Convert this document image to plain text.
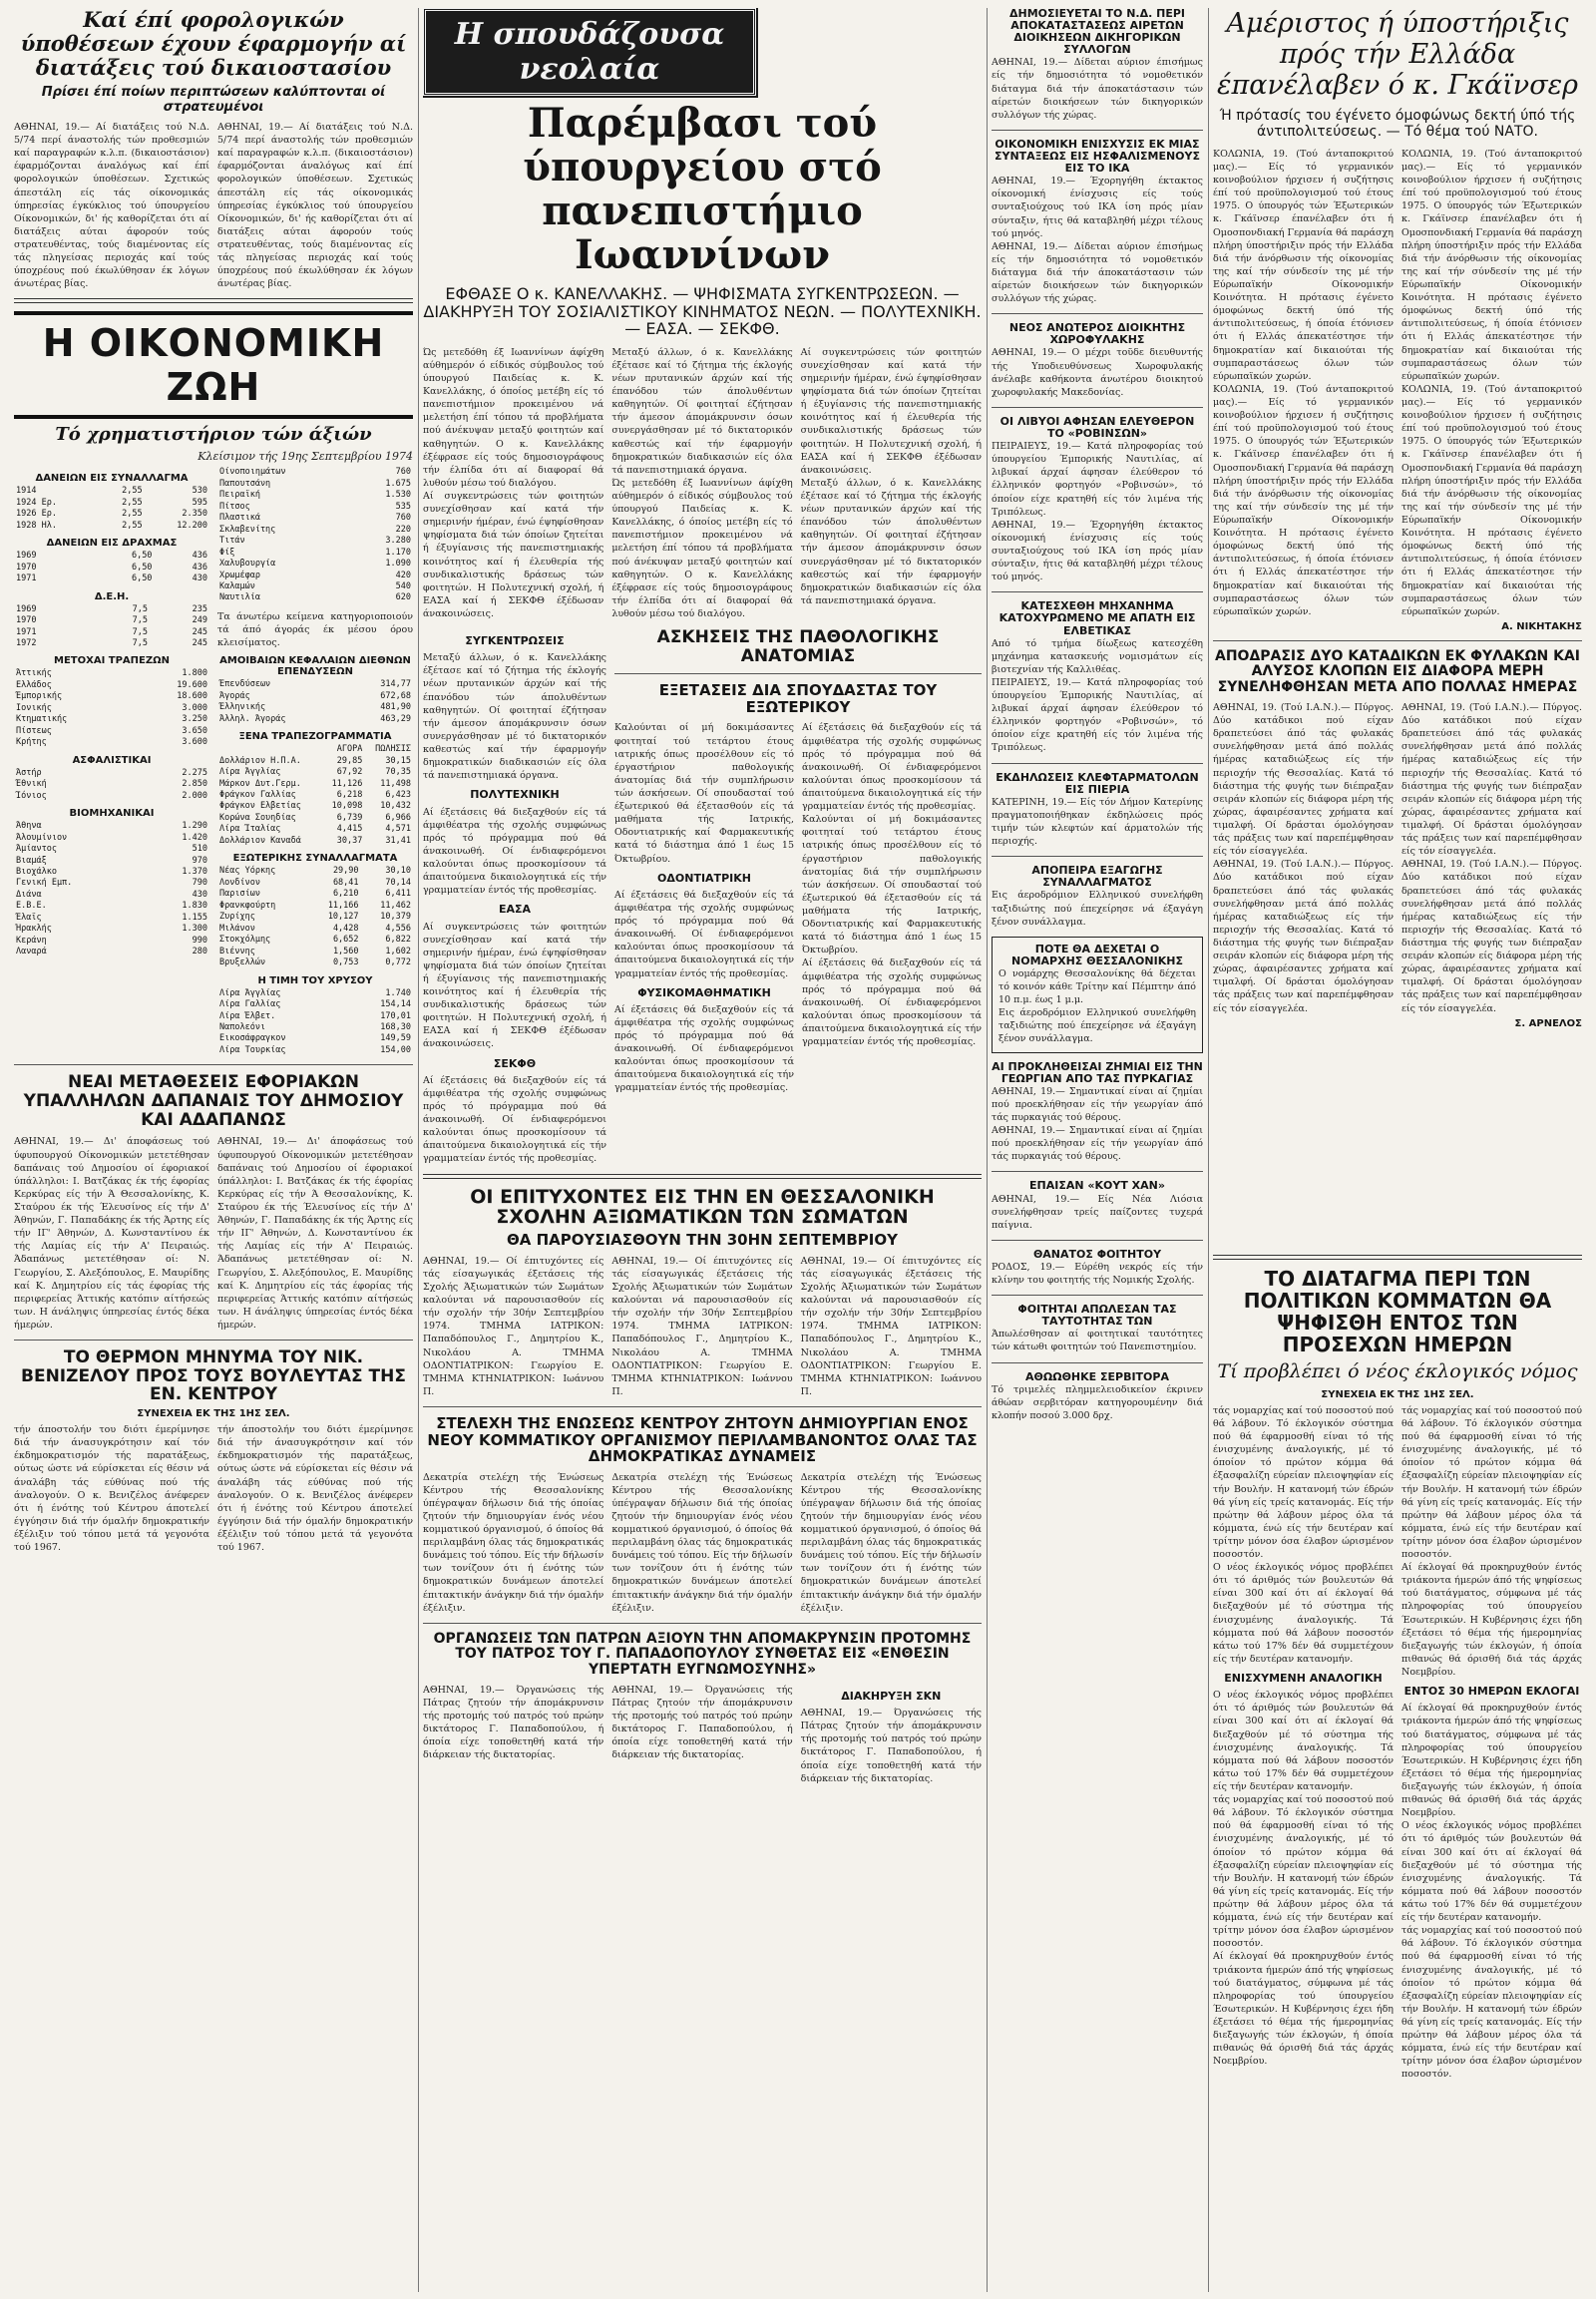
Καί έπί φορολογικών ύποθέσεων έχουν έφαρμογήν αί διατάξεις τού δικαιοστασίου

Πρίσει έπί ποίων περιπτώσεων καλύπτονται οί στρατευμένοι

ΑΘΗΝΑΙ, 19.— Αί διατάξεις τού Ν.Δ. 5/74 περί άναστολής τών προθεσμιών καί παραγραφών κ.λ.π. (δικαιοστάσιον) έφαρμόζονται άναλόγως καί έπί φορολογικών ύποθέσεων. Σχετικώς άπεστάλη είς τάς οίκονομικάς ύπηρεσίας έγκύκλιος τού ύπουργείου Οίκονομικών, δι' ής καθορίζεται ότι αί διατάξεις αύται άφορούν τούς στρατευθέντας, τούς διαμένοντας είς τάς πληγείσας περιοχάς καί τούς ύποχρέους πού έκωλύθησαν έκ λόγων άνωτέρας βίας.

ΑΘΗΝΑΙ, 19.— Αί διατάξεις τού Ν.Δ. 5/74 περί άναστολής τών προθεσμιών καί παραγραφών κ.λ.π. (δικαιοστάσιον) έφαρμόζονται άναλόγως καί έπί φορολογικών ύποθέσεων. Σχετικώς άπεστάλη είς τάς οίκονομικάς ύπηρεσίας έγκύκλιος τού ύπουργείου Οίκονομικών, δι' ής καθορίζεται ότι αί διατάξεις αύται άφορούν τούς στρατευθέντας, τούς διαμένοντας είς τάς πληγείσας περιοχάς καί τούς ύποχρέους πού έκωλύθησαν έκ λόγων άνωτέρας βίας.

Η ΟΙΚΟΝΟΜΙΚΗ ΖΩΗ

Τό χρηματιστήριον τών άξιών

Κλείσιμον τής 19ης Σεπτεμβρίου 1974

ΔΑΝΕΙΩΝ ΕΙΣ ΣΥΝΑΛΛΑΓΜΑ
1914	2,55	530
1924 Ερ.	2,55	595
1926 Ερ.	2,55	2.350
1928 Ηλ.	2,55	12.200
ΔΑΝΕΙΩΝ ΕΙΣ ΔΡΑΧΜΑΣ
1969	6,50	436
1970	6,50	436
1971	6,50	430
Δ.Ε.Η.
1969	7,5	235
1970	7,5	249
1971	7,5	245
1972	7,5	245
ΜΕΤΟΧΑΙ ΤΡΑΠΕΖΩΝ
Άττικής	1.800
Ελλάδος	19.600
Έμπορικής	18.600
Ιονικής	3.000
Κτηματικής	3.250
Πίστεως	3.650
Κρήτης	3.600
ΑΣΦΑΛΙΣΤΙΚΑΙ
Άστήρ	2.275
Έθνική	2.850
Ίόνιος	2.000
ΒΙΟΜΗΧΑΝΙΚΑΙ
Άθηνα	1.290
Άλουμίνιον	1.420
Άμίαντος	510
Βιαμάξ	970
Βιοχάλκο	1.370
Γενική Εμπ.	790
Διάνα	430
Ε.Β.Ε.	1.830
Έλαϊς	1.155
Ήρακλής	1.300
Κεράνη	990
Λαναρά	280
Οίνοποιημάτων	760
Παπουτσάνη	1.675
Πειραϊκή	1.530
Πίτσος	535
Πλαστικά	760
Σκλαβενίτης	220
Τιτάν	3.280
Φίξ	1.170
Χαλυβουργία	1.090
Χρωμέφαρ	420
Καλαμών	540
Ναυτιλία	620

Τα άνωτέρω κείμενα κατηγοριοποιούν τά άπό άγοράς έκ μέσου όρου κλεισίματος.

ΑΜΟΙΒΑΙΩΝ ΚΕΦΑΛΑΙΩΝ ΔΙΕΘΝΩΝ ΕΠΕΝΔΥΣΕΩΝ
Έπενδύσεων	314,77
Άγοράς	672,68
Έλληνικής	481,90
Άλληλ. Άγοράς	463,29
ΞΕΝΑ ΤΡΑΠΕΖΟΓΡΑΜΜΑΤΙΑ
	ΑΓΟΡΑ	ΠΩΛΗΣΙΣ
Δολλάριον Η.Π.Α.	29,85	30,15
Λίρα Άγγλίας	67,92	70,35
Μάρκον Δυτ.Γερμ.	11,126	11,498
Φράγκον Γαλλίας	6,218	6,423
Φράγκον Ελβετίας	10,098	10,432
Κορώνα Σουηδίας	6,739	6,966
Λίρα Ίταλίας	4,415	4,571
Δολλάριον Καναδά	30,37	31,41
ΕΞΩΤΕΡΙΚΗΣ ΣΥΝΑΛΛΑΓΜΑΤΑ
Νέας Υόρκης	29,90	30,10
Λονδίνον	68,41	70,14
Παρισίων	6,210	6,411
Φρανκφούρτη	11,166	11,462
Ζυρίχης	10,127	10,379
Μιλάνον	4,428	4,556
Στοκχόλμης	6,652	6,822
Βιέννης	1,560	1,602
Βρυξελλών	0,753	0,772
Η ΤΙΜΗ ΤΟΥ ΧΡΥΣΟΥ
Λίρα Άγγλίας	1.740
Λίρα Γαλλίας	154,14
Λίρα Έλβετ.	170,01
Ναπολεόνι	168,30
Εικοσάφραγκον	149,59
Λίρα Τουρκίας	154,00

ΝΕΑΙ ΜΕΤΑΘΕΣΕΙΣ ΕΦΟΡΙΑΚΩΝ ΥΠΑΛΛΗΛΩΝ ΔΑΠΑΝΑΙΣ ΤΟΥ ΔΗΜΟΣΙΟΥ ΚΑΙ ΑΔΑΠΑΝΩΣ

ΑΘΗΝΑΙ, 19.— Δι' άποφάσεως τού ύφυπουργού Οίκονομικών μετετέθησαν δαπάναις τού Δημοσίου οί έφοριακοί ύπάλληλοι: Ι. Βατζάκας έκ τής έφορίας Κερκύρας είς τήν Ά Θεσσαλονίκης, Κ. Σταύρου έκ τής Έλευσίνος είς τήν Δ' Άθηνών, Γ. Παπαδάκης έκ τής Άρτης είς τήν ΙΓ' Άθηνών, Δ. Κωνσταντίνου έκ τής Λαμίας είς τήν Α' Πειραιώς. Άδαπάνως μετετέθησαν οί: Ν. Γεωργίου, Σ. Αλεξόπουλος, Ε. Μαυρίδης καί Κ. Δημητρίου είς τάς έφορίας τής περιφερείας Άττικής κατόπιν αίτήσεώς των. Η άνάληψις ύπηρεσίας έντός δέκα ήμερών.

ΑΘΗΝΑΙ, 19.— Δι' άποφάσεως τού ύφυπουργού Οίκονομικών μετετέθησαν δαπάναις τού Δημοσίου οί έφοριακοί ύπάλληλοι: Ι. Βατζάκας έκ τής έφορίας Κερκύρας είς τήν Ά Θεσσαλονίκης, Κ. Σταύρου έκ τής Έλευσίνος είς τήν Δ' Άθηνών, Γ. Παπαδάκης έκ τής Άρτης είς τήν ΙΓ' Άθηνών, Δ. Κωνσταντίνου έκ τής Λαμίας είς τήν Α' Πειραιώς. Άδαπάνως μετετέθησαν οί: Ν. Γεωργίου, Σ. Αλεξόπουλος, Ε. Μαυρίδης καί Κ. Δημητρίου είς τάς έφορίας τής περιφερείας Άττικής κατόπιν αίτήσεώς των. Η άνάληψις ύπηρεσίας έντός δέκα ήμερών.

ΤΟ ΘΕΡΜΟΝ ΜΗΝΥΜΑ ΤΟΥ ΝΙΚ. ΒΕΝΙΖΕΛΟΥ ΠΡΟΣ ΤΟΥΣ ΒΟΥΛΕΥΤΑΣ ΤΗΣ ΕΝ. ΚΕΝΤΡΟΥ

ΣΥΝΕΧΕΙΑ ΕΚ ΤΗΣ 1ΗΣ ΣΕΛ.

τήν άποστολήν του διότι έμερίμνησε διά τήν άνασυγκρότησιν καί τόν έκδημοκρατισμόν τής παρατάξεως, ούτως ώστε νά εύρίσκεται είς θέσιν νά άναλάβη τάς εύθύνας πού τής άναλογούν. Ο κ. Βενιζέλος άνέφερεν ότι ή ένότης τού Κέντρου άποτελεί έγγύησιν διά τήν όμαλήν δημοκρατικήν έξέλιξιν τού τόπου μετά τά γεγονότα τού 1967.

τήν άποστολήν του διότι έμερίμνησε διά τήν άνασυγκρότησιν καί τόν έκδημοκρατισμόν τής παρατάξεως, ούτως ώστε νά εύρίσκεται είς θέσιν νά άναλάβη τάς εύθύνας πού τής άναλογούν. Ο κ. Βενιζέλος άνέφερεν ότι ή ένότης τού Κέντρου άποτελεί έγγύησιν διά τήν όμαλήν δημοκρατικήν έξέλιξιν τού τόπου μετά τά γεγονότα τού 1967.

Η σπουδάζουσα νεολαία

Παρέμβασι τού ύπουργείου στό πανεπιστήμιο Ιωαννίνων

ΕΦΘΑΣΕ Ο κ. ΚΑΝΕΛΛΑΚΗΣ. — ΨΗΦΙΣΜΑΤΑ ΣΥΓΚΕΝΤΡΩΣΕΩΝ. — ΔΙΑΚΗΡΥΞΗ ΤΟΥ ΣΟΣΙΑΛΙΣΤΙΚΟΥ ΚΙΝΗΜΑΤΟΣ ΝΕΩΝ. — ΠΟΛΥΤΕΧΝΙΚΗ.— ΕΑΣΑ. — ΣΕΚΦΘ.

Ώς μετεδόθη έξ Ιωαννίνων άφίχθη αύθημερόν ό είδικός σύμβουλος τού ύπουργού Παιδείας κ. Κ. Κανελλάκης, ό όποίος μετέβη είς τό πανεπιστήμιον προκειμένου νά μελετήση έπί τόπου τά προβλήματα πού άνέκυψαν μεταξύ φοιτητών καί καθηγητών. Ο κ. Κανελλάκης έξέφρασε είς τούς δημοσιογράφους τήν έλπίδα ότι αί διαφοραί θά λυθούν μέσω τού διαλόγου.

Αί συγκεντρώσεις τών φοιτητών συνεχίσθησαν καί κατά τήν σημερινήν ήμέραν, ένώ έψηφίσθησαν ψηφίσματα διά τών όποίων ζητείται ή έξυγίανσις τής πανεπιστημιακής κοινότητος καί ή έλευθερία τής συνδικαλιστικής δράσεως τών φοιτητών. Η Πολυτεχνική σχολή, ή ΕΑΣΑ καί ή ΣΕΚΦΘ έξέδωσαν άνακοινώσεις.

Μεταξύ άλλων, ό κ. Κανελλάκης έξέτασε καί τό ζήτημα τής έκλογής νέων πρυτανικών άρχών καί τής έπανόδου τών άπολυθέντων καθηγητών. Οί φοιτηταί έζήτησαν τήν άμεσον άπομάκρυνσιν όσων συνεργάσθησαν μέ τό δικτατορικόν καθεστώς καί τήν έφαρμογήν δημοκρατικών διαδικασιών είς όλα τά πανεπιστημιακά όργανα.

Ώς μετεδόθη έξ Ιωαννίνων άφίχθη αύθημερόν ό είδικός σύμβουλος τού ύπουργού Παιδείας κ. Κ. Κανελλάκης, ό όποίος μετέβη είς τό πανεπιστήμιον προκειμένου νά μελετήση έπί τόπου τά προβλήματα πού άνέκυψαν μεταξύ φοιτητών καί καθηγητών. Ο κ. Κανελλάκης έξέφρασε είς τούς δημοσιογράφους τήν έλπίδα ότι αί διαφοραί θά λυθούν μέσω τού διαλόγου.

Αί συγκεντρώσεις τών φοιτητών συνεχίσθησαν καί κατά τήν σημερινήν ήμέραν, ένώ έψηφίσθησαν ψηφίσματα διά τών όποίων ζητείται ή έξυγίανσις τής πανεπιστημιακής κοινότητος καί ή έλευθερία τής συνδικαλιστικής δράσεως τών φοιτητών. Η Πολυτεχνική σχολή, ή ΕΑΣΑ καί ή ΣΕΚΦΘ έξέδωσαν άνακοινώσεις.

Μεταξύ άλλων, ό κ. Κανελλάκης έξέτασε καί τό ζήτημα τής έκλογής νέων πρυτανικών άρχών καί τής έπανόδου τών άπολυθέντων καθηγητών. Οί φοιτηταί έζήτησαν τήν άμεσον άπομάκρυνσιν όσων συνεργάσθησαν μέ τό δικτατορικόν καθεστώς καί τήν έφαρμογήν δημοκρατικών διαδικασιών είς όλα τά πανεπιστημιακά όργανα.

ΣΥΓΚΕΝΤΡΩΣΕΙΣ

Μεταξύ άλλων, ό κ. Κανελλάκης έξέτασε καί τό ζήτημα τής έκλογής νέων πρυτανικών άρχών καί τής έπανόδου τών άπολυθέντων καθηγητών. Οί φοιτηταί έζήτησαν τήν άμεσον άπομάκρυνσιν όσων συνεργάσθησαν μέ τό δικτατορικόν καθεστώς καί τήν έφαρμογήν δημοκρατικών διαδικασιών είς όλα τά πανεπιστημιακά όργανα.

ΠΟΛΥΤΕΧΝΙΚΗ

Αί έξετάσεις θά διεξαχθούν είς τά άμφιθέατρα τής σχολής συμφώνως πρός τό πρόγραμμα πού θά άνακοινωθή. Οί ένδιαφερόμενοι καλούνται όπως προσκομίσουν τά άπαιτούμενα δικαιολογητικά είς τήν γραμματείαν έντός τής προθεσμίας.

ΕΑΣΑ

Αί συγκεντρώσεις τών φοιτητών συνεχίσθησαν καί κατά τήν σημερινήν ήμέραν, ένώ έψηφίσθησαν ψηφίσματα διά τών όποίων ζητείται ή έξυγίανσις τής πανεπιστημιακής κοινότητος καί ή έλευθερία τής συνδικαλιστικής δράσεως τών φοιτητών. Η Πολυτεχνική σχολή, ή ΕΑΣΑ καί ή ΣΕΚΦΘ έξέδωσαν άνακοινώσεις.

ΣΕΚΦΘ

Αί έξετάσεις θά διεξαχθούν είς τά άμφιθέατρα τής σχολής συμφώνως πρός τό πρόγραμμα πού θά άνακοινωθή. Οί ένδιαφερόμενοι καλούνται όπως προσκομίσουν τά άπαιτούμενα δικαιολογητικά είς τήν γραμματείαν έντός τής προθεσμίας.

ΑΣΚΗΣΕΙΣ ΤΗΣ ΠΑΘΟΛΟΓΙΚΗΣ ΑΝΑΤΟΜΙΑΣ

ΕΞΕΤΑΣΕΙΣ ΔΙΑ ΣΠΟΥΔΑΣΤΑΣ ΤΟΥ ΕΞΩΤΕΡΙΚΟΥ

Καλούνται οί μή δοκιμάσαντες φοιτηταί τού τετάρτου έτους ιατρικής όπως προσέλθουν είς τό έργαστήριον παθολογικής άνατομίας διά τήν συμπλήρωσιν τών άσκήσεων. Οί σπουδασταί τού έξωτερικού θά έξετασθούν είς τά μαθήματα τής Ιατρικής, Οδοντιατρικής καί Φαρμακευτικής κατά τό διάστημα άπό 1 έως 15 Όκτωβρίου.

ΟΔΟΝΤΙΑΤΡΙΚΗ

Αί έξετάσεις θά διεξαχθούν είς τά άμφιθέατρα τής σχολής συμφώνως πρός τό πρόγραμμα πού θά άνακοινωθή. Οί ένδιαφερόμενοι καλούνται όπως προσκομίσουν τά άπαιτούμενα δικαιολογητικά είς τήν γραμματείαν έντός τής προθεσμίας.

ΦΥΣΙΚΟΜΑΘΗΜΑΤΙΚΗ

Αί έξετάσεις θά διεξαχθούν είς τά άμφιθέατρα τής σχολής συμφώνως πρός τό πρόγραμμα πού θά άνακοινωθή. Οί ένδιαφερόμενοι καλούνται όπως προσκομίσουν τά άπαιτούμενα δικαιολογητικά είς τήν γραμματείαν έντός τής προθεσμίας.

Αί έξετάσεις θά διεξαχθούν είς τά άμφιθέατρα τής σχολής συμφώνως πρός τό πρόγραμμα πού θά άνακοινωθή. Οί ένδιαφερόμενοι καλούνται όπως προσκομίσουν τά άπαιτούμενα δικαιολογητικά είς τήν γραμματείαν έντός τής προθεσμίας.

Καλούνται οί μή δοκιμάσαντες φοιτηταί τού τετάρτου έτους ιατρικής όπως προσέλθουν είς τό έργαστήριον παθολογικής άνατομίας διά τήν συμπλήρωσιν τών άσκήσεων. Οί σπουδασταί τού έξωτερικού θά έξετασθούν είς τά μαθήματα τής Ιατρικής, Οδοντιατρικής καί Φαρμακευτικής κατά τό διάστημα άπό 1 έως 15 Όκτωβρίου.

Αί έξετάσεις θά διεξαχθούν είς τά άμφιθέατρα τής σχολής συμφώνως πρός τό πρόγραμμα πού θά άνακοινωθή. Οί ένδιαφερόμενοι καλούνται όπως προσκομίσουν τά άπαιτούμενα δικαιολογητικά είς τήν γραμματείαν έντός τής προθεσμίας.

ΟΙ ΕΠΙΤΥΧΟΝΤΕΣ ΕΙΣ ΤΗΝ ΕΝ ΘΕΣΣΑΛΟΝΙΚΗ ΣΧΟΛΗΝ ΑΞΙΩΜΑΤΙΚΩΝ ΤΩΝ ΣΩΜΑΤΩΝ

ΘΑ ΠΑΡΟΥΣΙΑΣΘΟΥΝ ΤΗΝ 30ΗΝ ΣΕΠΤΕΜΒΡΙΟΥ

ΑΘΗΝΑΙ, 19.— Οί έπιτυχόντες είς τάς είσαγωγικάς έξετάσεις τής Σχολής Άξιωματικών τών Σωμάτων καλούνται νά παρουσιασθούν είς τήν σχολήν τήν 30ήν Σεπτεμβρίου 1974. ΤΜΗΜΑ ΙΑΤΡΙΚΟΝ: Παπαδόπουλος Γ., Δημητρίου Κ., Νικολάου Α. ΤΜΗΜΑ ΟΔΟΝΤΙΑΤΡΙΚΟΝ: Γεωργίου Ε. ΤΜΗΜΑ ΚΤΗΝΙΑΤΡΙΚΟΝ: Ιωάννου Π.

ΑΘΗΝΑΙ, 19.— Οί έπιτυχόντες είς τάς είσαγωγικάς έξετάσεις τής Σχολής Άξιωματικών τών Σωμάτων καλούνται νά παρουσιασθούν είς τήν σχολήν τήν 30ήν Σεπτεμβρίου 1974. ΤΜΗΜΑ ΙΑΤΡΙΚΟΝ: Παπαδόπουλος Γ., Δημητρίου Κ., Νικολάου Α. ΤΜΗΜΑ ΟΔΟΝΤΙΑΤΡΙΚΟΝ: Γεωργίου Ε. ΤΜΗΜΑ ΚΤΗΝΙΑΤΡΙΚΟΝ: Ιωάννου Π.

ΑΘΗΝΑΙ, 19.— Οί έπιτυχόντες είς τάς είσαγωγικάς έξετάσεις τής Σχολής Άξιωματικών τών Σωμάτων καλούνται νά παρουσιασθούν είς τήν σχολήν τήν 30ήν Σεπτεμβρίου 1974. ΤΜΗΜΑ ΙΑΤΡΙΚΟΝ: Παπαδόπουλος Γ., Δημητρίου Κ., Νικολάου Α. ΤΜΗΜΑ ΟΔΟΝΤΙΑΤΡΙΚΟΝ: Γεωργίου Ε. ΤΜΗΜΑ ΚΤΗΝΙΑΤΡΙΚΟΝ: Ιωάννου Π.

ΣΤΕΛΕΧΗ ΤΗΣ ΕΝΩΣΕΩΣ ΚΕΝΤΡΟΥ ΖΗΤΟΥΝ ΔΗΜΙΟΥΡΓΙΑΝ ΕΝΟΣ ΝΕΟΥ ΚΟΜΜΑΤΙΚΟΥ ΟΡΓΑΝΙΣΜΟΥ ΠΕΡΙΛΑΜΒΑΝΟΝΤΟΣ ΟΛΑΣ ΤΑΣ ΔΗΜΟΚΡΑΤΙΚΑΣ ΔΥΝΑΜΕΙΣ

Δεκατρία στελέχη τής Ένώσεως Κέντρου τής Θεσσαλονίκης ύπέγραψαν δήλωσιν διά τής όποίας ζητούν τήν δημιουργίαν ένός νέου κομματικού όργανισμού, ό όποίος θά περιλαμβάνη όλας τάς δημοκρατικάς δυνάμεις τού τόπου. Είς τήν δήλωσίν των τονίζουν ότι ή ένότης τών δημοκρατικών δυνάμεων άποτελεί έπιτακτικήν άνάγκην διά τήν όμαλήν έξέλιξιν.

Δεκατρία στελέχη τής Ένώσεως Κέντρου τής Θεσσαλονίκης ύπέγραψαν δήλωσιν διά τής όποίας ζητούν τήν δημιουργίαν ένός νέου κομματικού όργανισμού, ό όποίος θά περιλαμβάνη όλας τάς δημοκρατικάς δυνάμεις τού τόπου. Είς τήν δήλωσίν των τονίζουν ότι ή ένότης τών δημοκρατικών δυνάμεων άποτελεί έπιτακτικήν άνάγκην διά τήν όμαλήν έξέλιξιν.

Δεκατρία στελέχη τής Ένώσεως Κέντρου τής Θεσσαλονίκης ύπέγραψαν δήλωσιν διά τής όποίας ζητούν τήν δημιουργίαν ένός νέου κομματικού όργανισμού, ό όποίος θά περιλαμβάνη όλας τάς δημοκρατικάς δυνάμεις τού τόπου. Είς τήν δήλωσίν των τονίζουν ότι ή ένότης τών δημοκρατικών δυνάμεων άποτελεί έπιτακτικήν άνάγκην διά τήν όμαλήν έξέλιξιν.

ΟΡΓΑΝΩΣΕΙΣ ΤΩΝ ΠΑΤΡΩΝ ΑΞΙΟΥΝ ΤΗΝ ΑΠΟΜΑΚΡΥΝΣΙΝ ΠΡΟΤΟΜΗΣ ΤΟΥ ΠΑΤΡΟΣ ΤΟΥ Γ. ΠΑΠΑΔΟΠΟΥΛΟΥ ΣΥΝΘΕΤΑΣ ΕΙΣ «ΕΝΘΕΣΙΝ ΥΠΕΡΤΑΤΗ ΕΥΓΝΩΜΟΣΥΝΗΣ»

ΑΘΗΝΑΙ, 19.— Όργανώσεις τής Πάτρας ζητούν τήν άπομάκρυνσιν τής προτομής τού πατρός τού πρώην δικτάτορος Γ. Παπαδοπούλου, ή όποία είχε τοποθετηθή κατά τήν διάρκειαν τής δικτατορίας.

ΑΘΗΝΑΙ, 19.— Όργανώσεις τής Πάτρας ζητούν τήν άπομάκρυνσιν τής προτομής τού πατρός τού πρώην δικτάτορος Γ. Παπαδοπούλου, ή όποία είχε τοποθετηθή κατά τήν διάρκειαν τής δικτατορίας.

ΔΙΑΚΗΡΥΞΗ ΣΚΝ

ΑΘΗΝΑΙ, 19.— Όργανώσεις τής Πάτρας ζητούν τήν άπομάκρυνσιν τής προτομής τού πατρός τού πρώην δικτάτορος Γ. Παπαδοπούλου, ή όποία είχε τοποθετηθή κατά τήν διάρκειαν τής δικτατορίας.

ΔΗΜΟΣΙΕΥΕΤΑΙ ΤΟ Ν.Δ. ΠΕΡΙ ΑΠΟΚΑΤΑΣΤΑΣΕΩΣ ΑΙΡΕΤΩΝ ΔΙΟΙΚΗΣΕΩΝ ΔΙΚΗΓΟΡΙΚΩΝ ΣΥΛΛΟΓΩΝ

ΑΘΗΝΑΙ, 19.— Δίδεται αύριον έπισήμως είς τήν δημοσιότητα τό νομοθετικόν διάταγμα διά τήν άποκατάστασιν τών αίρετών διοικήσεων τών δικηγορικών συλλόγων τής χώρας.

ΟΙΚΟΝΟΜΙΚΗ ΕΝΙΣΧΥΣΙΣ ΕΚ ΜΙΑΣ ΣΥΝΤΑΞΕΩΣ ΕΙΣ ΗΣΦΑΛΙΣΜΕΝΟΥΣ ΕΙΣ ΤΟ ΙΚΑ

ΑΘΗΝΑΙ, 19.— Έχορηγήθη έκτακτος οίκονομική ένίσχυσις είς τούς συνταξιούχους τού ΙΚΑ ίση πρός μίαν σύνταξιν, ήτις θά καταβληθή μέχρι τέλους τού μηνός.

ΑΘΗΝΑΙ, 19.— Δίδεται αύριον έπισήμως είς τήν δημοσιότητα τό νομοθετικόν διάταγμα διά τήν άποκατάστασιν τών αίρετών διοικήσεων τών δικηγορικών συλλόγων τής χώρας.

ΝΕΟΣ ΑΝΩΤΕΡΟΣ ΔΙΟΙΚΗΤΗΣ ΧΩΡΟΦΥΛΑΚΗΣ

ΑΘΗΝΑΙ, 19.— Ο μέχρι τοῦδε διευθυντής τής Υποδιευθύνσεως Χωροφυλακής άνέλαβε καθήκοντα άνωτέρου διοικητού χωροφυλακής Μακεδονίας.

ΟΙ ΛΙΒΥΟΙ ΑΦΗΣΑΝ ΕΛΕΥΘΕΡΟΝ ΤΟ «ΡΟΒΙΝΣΩΝ»

ΠΕΙΡΑΙΕΥΣ, 19.— Κατά πληροφορίας τού ύπουργείου Έμπορικής Ναυτιλίας, αί λιβυκαί άρχαί άφησαν έλεύθερον τό έλληνικόν φορτηγόν «Ροβινσών», τό όποίον είχε κρατηθή είς τόν λιμένα τής Τριπόλεως.

ΑΘΗΝΑΙ, 19.— Έχορηγήθη έκτακτος οίκονομική ένίσχυσις είς τούς συνταξιούχους τού ΙΚΑ ίση πρός μίαν σύνταξιν, ήτις θά καταβληθή μέχρι τέλους τού μηνός.

ΚΑΤΕΣΧΕΘΗ ΜΗΧΑΝΗΜΑ ΚΑΤΟΧΥΡΩΜΕΝΟ ΜΕ ΑΠΑΤΗ ΕΙΣ ΕΛΒΕΤΙΚΑΣ

Από τό τμήμα δίωξεως κατεσχέθη μηχάνημα κατασκευής νομισμάτων είς βιοτεχνίαν τής Καλλιθέας.

ΠΕΙΡΑΙΕΥΣ, 19.— Κατά πληροφορίας τού ύπουργείου Έμπορικής Ναυτιλίας, αί λιβυκαί άρχαί άφησαν έλεύθερον τό έλληνικόν φορτηγόν «Ροβινσών», τό όποίον είχε κρατηθή είς τόν λιμένα τής Τριπόλεως.

ΕΚΔΗΛΩΣΕΙΣ ΚΛΕΦΤΑΡΜΑΤΟΛΩΝ ΕΙΣ ΠΙΕΡΙΑ

ΚΑΤΕΡΙΝΗ, 19.— Είς τόν Δήμον Κατερίνης πραγματοποιήθηκαν έκδηλώσεις πρός τιμήν τών κλεφτών καί άρματολών τής περιοχής.

ΑΠΟΠΕΙΡΑ ΕΞΑΓΩΓΗΣ ΣΥΝΑΛΛΑΓΜΑΤΟΣ

Εις άεροδρόμιον Ελληνικού συνελήφθη ταξιδιώτης πού έπεχείρησε νά έξαγάγη ξένον συνάλλαγμα.

ΠΟΤΕ ΘΑ ΔΕΧΕΤΑΙ Ο ΝΟΜΑΡΧΗΣ ΘΕΣΣΑΛΟΝΙΚΗΣ

Ο νομάρχης Θεσσαλονίκης θά δέχεται τό κοινόν κάθε Τρίτην καί Πέμπτην άπό 10 π.μ. έως 1 μ.μ.

Εις άεροδρόμιον Ελληνικού συνελήφθη ταξιδιώτης πού έπεχείρησε νά έξαγάγη ξένον συνάλλαγμα.

ΑΙ ΠΡΟΚΛΗΘΕΙΣΑΙ ΖΗΜΙΑΙ ΕΙΣ ΤΗΝ ΓΕΩΡΓΙΑΝ ΑΠΟ ΤΑΣ ΠΥΡΚΑΓΙΑΣ

ΑΘΗΝΑΙ, 19.— Σημαντικαί είναι αί ζημίαι πού προεκλήθησαν είς τήν γεωργίαν άπό τάς πυρκαγιάς τού θέρους.

ΑΘΗΝΑΙ, 19.— Σημαντικαί είναι αί ζημίαι πού προεκλήθησαν είς τήν γεωργίαν άπό τάς πυρκαγιάς τού θέρους.

ΕΠΑΙΣΑΝ «ΚΟΥΤ ΧΑΝ»

ΑΘΗΝΑΙ, 19.— Είς Νέα Λιόσια συνελήφθησαν τρείς παίζοντες τυχερά παίγνια.

ΘΑΝΑΤΟΣ ΦΟΙΤΗΤΟΥ

ΡΟΔΟΣ, 19.— Εύρέθη νεκρός είς τήν κλίνην του φοιτητής τής Νομικής Σχολής.

ΦΟΙΤΗΤΑΙ ΑΠΩΛΕΣΑΝ ΤΑΣ ΤΑΥΤΟΤΗΤΑΣ ΤΩΝ

Άπωλέσθησαν αί φοιτητικαί ταυτότητες τών κάτωθι φοιτητών τού Πανεπιστημίου.

ΑΘΩΩΘΗΚΕ ΣΕΡΒΙΤΟΡΑ

Τό τριμελές πλημμελειοδικείον έκρινεν άθώαν σερβιτόραν κατηγορουμένην διά κλοπήν ποσού 3.000 δρχ.

Αμέριστος ή ύποστήριξις πρός τήν Ελλάδα έπανέλαβεν ό κ. Γκάϊνσερ

Ή πρότασίς του έγένετο όμοφώνως δεκτή ύπό τής άντιπολιτεύσεως. — Τό θέμα τού ΝΑΤΟ.

ΚΟΛΩΝΙΑ, 19. (Τού άνταποκριτού μας).— Είς τό γερμανικόν κοινοβούλιον ήρχισεν ή συζήτησις έπί τού προϋπολογισμού τού έτους 1975. Ο ύπουργός τών Έξωτερικών κ. Γκάϊνσερ έπανέλαβεν ότι ή Ομοσπονδιακή Γερμανία θά παράσχη πλήρη ύποστήριξιν πρός τήν Ελλάδα διά τήν άνόρθωσιν τής οίκονομίας της καί τήν σύνδεσίν της μέ τήν Εύρωπαϊκήν Οίκονομικήν Κοινότητα. Η πρότασις έγένετο όμοφώνως δεκτή ύπό τής άντιπολιτεύσεως, ή όποία έτόνισεν ότι ή Ελλάς άπεκατέστησε τήν δημοκρατίαν καί δικαιούται τής συμπαραστάσεως όλων τών εύρωπαϊκών χωρών.

ΚΟΛΩΝΙΑ, 19. (Τού άνταποκριτού μας).— Είς τό γερμανικόν κοινοβούλιον ήρχισεν ή συζήτησις έπί τού προϋπολογισμού τού έτους 1975. Ο ύπουργός τών Έξωτερικών κ. Γκάϊνσερ έπανέλαβεν ότι ή Ομοσπονδιακή Γερμανία θά παράσχη πλήρη ύποστήριξιν πρός τήν Ελλάδα διά τήν άνόρθωσιν τής οίκονομίας της καί τήν σύνδεσίν της μέ τήν Εύρωπαϊκήν Οίκονομικήν Κοινότητα. Η πρότασις έγένετο όμοφώνως δεκτή ύπό τής άντιπολιτεύσεως, ή όποία έτόνισεν ότι ή Ελλάς άπεκατέστησε τήν δημοκρατίαν καί δικαιούται τής συμπαραστάσεως όλων τών εύρωπαϊκών χωρών.

ΚΟΛΩΝΙΑ, 19. (Τού άνταποκριτού μας).— Είς τό γερμανικόν κοινοβούλιον ήρχισεν ή συζήτησις έπί τού προϋπολογισμού τού έτους 1975. Ο ύπουργός τών Έξωτερικών κ. Γκάϊνσερ έπανέλαβεν ότι ή Ομοσπονδιακή Γερμανία θά παράσχη πλήρη ύποστήριξιν πρός τήν Ελλάδα διά τήν άνόρθωσιν τής οίκονομίας της καί τήν σύνδεσίν της μέ τήν Εύρωπαϊκήν Οίκονομικήν Κοινότητα. Η πρότασις έγένετο όμοφώνως δεκτή ύπό τής άντιπολιτεύσεως, ή όποία έτόνισεν ότι ή Ελλάς άπεκατέστησε τήν δημοκρατίαν καί δικαιούται τής συμπαραστάσεως όλων τών εύρωπαϊκών χωρών.

ΚΟΛΩΝΙΑ, 19. (Τού άνταποκριτού μας).— Είς τό γερμανικόν κοινοβούλιον ήρχισεν ή συζήτησις έπί τού προϋπολογισμού τού έτους 1975. Ο ύπουργός τών Έξωτερικών κ. Γκάϊνσερ έπανέλαβεν ότι ή Ομοσπονδιακή Γερμανία θά παράσχη πλήρη ύποστήριξιν πρός τήν Ελλάδα διά τήν άνόρθωσιν τής οίκονομίας της καί τήν σύνδεσίν της μέ τήν Εύρωπαϊκήν Οίκονομικήν Κοινότητα. Η πρότασις έγένετο όμοφώνως δεκτή ύπό τής άντιπολιτεύσεως, ή όποία έτόνισεν ότι ή Ελλάς άπεκατέστησε τήν δημοκρατίαν καί δικαιούται τής συμπαραστάσεως όλων τών εύρωπαϊκών χωρών.

Α. ΝΙΚΗΤΑΚΗΣ

ΑΠΟΔΡΑΣΙΣ ΔΥΟ ΚΑΤΑΔΙΚΩΝ ΕΚ ΦΥΛΑΚΩΝ ΚΑΙ ΑΛΥΣΟΣ ΚΛΟΠΩΝ ΕΙΣ ΔΙΑΦΟΡΑ ΜΕΡΗ ΣΥΝΕΛΗΦΘΗΣΑΝ ΜΕΤΑ ΑΠΟ ΠΟΛΛΑΣ ΗΜΕΡΑΣ

ΑΘΗΝΑΙ, 19. (Τού Ι.Α.Ν.).— Πύργος. Δύο κατάδικοι πού είχαν δραπετεύσει άπό τάς φυλακάς συνελήφθησαν μετά άπό πολλάς ήμέρας καταδιώξεως είς τήν περιοχήν τής Θεσσαλίας. Κατά τό διάστημα τής φυγής των διέπραξαν σειράν κλοπών είς διάφορα μέρη τής χώρας, άφαιρέσαντες χρήματα καί τιμαλφή. Οί δράσται όμολόγησαν τάς πράξεις των καί παρεπέμφθησαν είς τόν είσαγγελέα.

ΑΘΗΝΑΙ, 19. (Τού Ι.Α.Ν.).— Πύργος. Δύο κατάδικοι πού είχαν δραπετεύσει άπό τάς φυλακάς συνελήφθησαν μετά άπό πολλάς ήμέρας καταδιώξεως είς τήν περιοχήν τής Θεσσαλίας. Κατά τό διάστημα τής φυγής των διέπραξαν σειράν κλοπών είς διάφορα μέρη τής χώρας, άφαιρέσαντες χρήματα καί τιμαλφή. Οί δράσται όμολόγησαν τάς πράξεις των καί παρεπέμφθησαν είς τόν είσαγγελέα.

ΑΘΗΝΑΙ, 19. (Τού Ι.Α.Ν.).— Πύργος. Δύο κατάδικοι πού είχαν δραπετεύσει άπό τάς φυλακάς συνελήφθησαν μετά άπό πολλάς ήμέρας καταδιώξεως είς τήν περιοχήν τής Θεσσαλίας. Κατά τό διάστημα τής φυγής των διέπραξαν σειράν κλοπών είς διάφορα μέρη τής χώρας, άφαιρέσαντες χρήματα καί τιμαλφή. Οί δράσται όμολόγησαν τάς πράξεις των καί παρεπέμφθησαν είς τόν είσαγγελέα.

ΑΘΗΝΑΙ, 19. (Τού Ι.Α.Ν.).— Πύργος. Δύο κατάδικοι πού είχαν δραπετεύσει άπό τάς φυλακάς συνελήφθησαν μετά άπό πολλάς ήμέρας καταδιώξεως είς τήν περιοχήν τής Θεσσαλίας. Κατά τό διάστημα τής φυγής των διέπραξαν σειράν κλοπών είς διάφορα μέρη τής χώρας, άφαιρέσαντες χρήματα καί τιμαλφή. Οί δράσται όμολόγησαν τάς πράξεις των καί παρεπέμφθησαν είς τόν είσαγγελέα.

Σ. ΑΡΝΕΛΟΣ

ΤΟ ΔΙΑΤΑΓΜΑ ΠΕΡΙ ΤΩΝ ΠΟΛΙΤΙΚΩΝ ΚΟΜΜΑΤΩΝ ΘΑ ΨΗΦΙΣΘΗ ΕΝΤΟΣ ΤΩΝ ΠΡΟΣΕΧΩΝ ΗΜΕΡΩΝ

Τί προβλέπει ό νέος έκλογικός νόμος

ΣΥΝΕΧΕΙΑ ΕΚ ΤΗΣ 1ΗΣ ΣΕΛ.

τάς νομαρχίας καί τού ποσοστού πού θά λάβουν. Τό έκλογικόν σύστημα πού θά έφαρμοσθή είναι τό τής ένισχυμένης άναλογικής, μέ τό όποίον τό πρώτον κόμμα θά έξασφαλίζη εύρείαν πλειοψηφίαν είς τήν Βουλήν. Η κατανομή τών έδρών θά γίνη είς τρείς κατανομάς. Είς τήν πρώτην θά λάβουν μέρος όλα τά κόμματα, ένώ είς τήν δευτέραν καί τρίτην μόνον όσα έλαβον ώρισμένον ποσοστόν.

Ο νέος έκλογικός νόμος προβλέπει ότι τό άριθμός τών βουλευτών θά είναι 300 καί ότι αί έκλογαί θά διεξαχθούν μέ τό σύστημα τής ένισχυμένης άναλογικής. Τά κόμματα πού θά λάβουν ποσοστόν κάτω τού 17% δέν θά συμμετέχουν είς τήν δευτέραν κατανομήν.

ΕΝΙΣΧΥΜΕΝΗ ΑΝΑΛΟΓΙΚΗ

Ο νέος έκλογικός νόμος προβλέπει ότι τό άριθμός τών βουλευτών θά είναι 300 καί ότι αί έκλογαί θά διεξαχθούν μέ τό σύστημα τής ένισχυμένης άναλογικής. Τά κόμματα πού θά λάβουν ποσοστόν κάτω τού 17% δέν θά συμμετέχουν είς τήν δευτέραν κατανομήν.

τάς νομαρχίας καί τού ποσοστού πού θά λάβουν. Τό έκλογικόν σύστημα πού θά έφαρμοσθή είναι τό τής ένισχυμένης άναλογικής, μέ τό όποίον τό πρώτον κόμμα θά έξασφαλίζη εύρείαν πλειοψηφίαν είς τήν Βουλήν. Η κατανομή τών έδρών θά γίνη είς τρείς κατανομάς. Είς τήν πρώτην θά λάβουν μέρος όλα τά κόμματα, ένώ είς τήν δευτέραν καί τρίτην μόνον όσα έλαβον ώρισμένον ποσοστόν.

Αί έκλογαί θά προκηρυχθούν έντός τριάκοντα ήμερών άπό τής ψηφίσεως τού διατάγματος, σύμφωνα μέ τάς πληροφορίας τού ύπουργείου Έσωτερικών. Η Κυβέρνησις έχει ήδη έξετάσει τό θέμα τής ήμερομηνίας διεξαγωγής τών έκλογών, ή όποία πιθανώς θά όρισθή διά τάς άρχάς Νοεμβρίου.

τάς νομαρχίας καί τού ποσοστού πού θά λάβουν. Τό έκλογικόν σύστημα πού θά έφαρμοσθή είναι τό τής ένισχυμένης άναλογικής, μέ τό όποίον τό πρώτον κόμμα θά έξασφαλίζη εύρείαν πλειοψηφίαν είς τήν Βουλήν. Η κατανομή τών έδρών θά γίνη είς τρείς κατανομάς. Είς τήν πρώτην θά λάβουν μέρος όλα τά κόμματα, ένώ είς τήν δευτέραν καί τρίτην μόνον όσα έλαβον ώρισμένον ποσοστόν.

Αί έκλογαί θά προκηρυχθούν έντός τριάκοντα ήμερών άπό τής ψηφίσεως τού διατάγματος, σύμφωνα μέ τάς πληροφορίας τού ύπουργείου Έσωτερικών. Η Κυβέρνησις έχει ήδη έξετάσει τό θέμα τής ήμερομηνίας διεξαγωγής τών έκλογών, ή όποία πιθανώς θά όρισθή διά τάς άρχάς Νοεμβρίου.

ΕΝΤΟΣ 30 ΗΜΕΡΩΝ ΕΚΛΟΓΑΙ

Αί έκλογαί θά προκηρυχθούν έντός τριάκοντα ήμερών άπό τής ψηφίσεως τού διατάγματος, σύμφωνα μέ τάς πληροφορίας τού ύπουργείου Έσωτερικών. Η Κυβέρνησις έχει ήδη έξετάσει τό θέμα τής ήμερομηνίας διεξαγωγής τών έκλογών, ή όποία πιθανώς θά όρισθή διά τάς άρχάς Νοεμβρίου.

Ο νέος έκλογικός νόμος προβλέπει ότι τό άριθμός τών βουλευτών θά είναι 300 καί ότι αί έκλογαί θά διεξαχθούν μέ τό σύστημα τής ένισχυμένης άναλογικής. Τά κόμματα πού θά λάβουν ποσοστόν κάτω τού 17% δέν θά συμμετέχουν είς τήν δευτέραν κατανομήν.

τάς νομαρχίας καί τού ποσοστού πού θά λάβουν. Τό έκλογικόν σύστημα πού θά έφαρμοσθή είναι τό τής ένισχυμένης άναλογικής, μέ τό όποίον τό πρώτον κόμμα θά έξασφαλίζη εύρείαν πλειοψηφίαν είς τήν Βουλήν. Η κατανομή τών έδρών θά γίνη είς τρείς κατανομάς. Είς τήν πρώτην θά λάβουν μέρος όλα τά κόμματα, ένώ είς τήν δευτέραν καί τρίτην μόνον όσα έλαβον ώρισμένον ποσοστόν.
